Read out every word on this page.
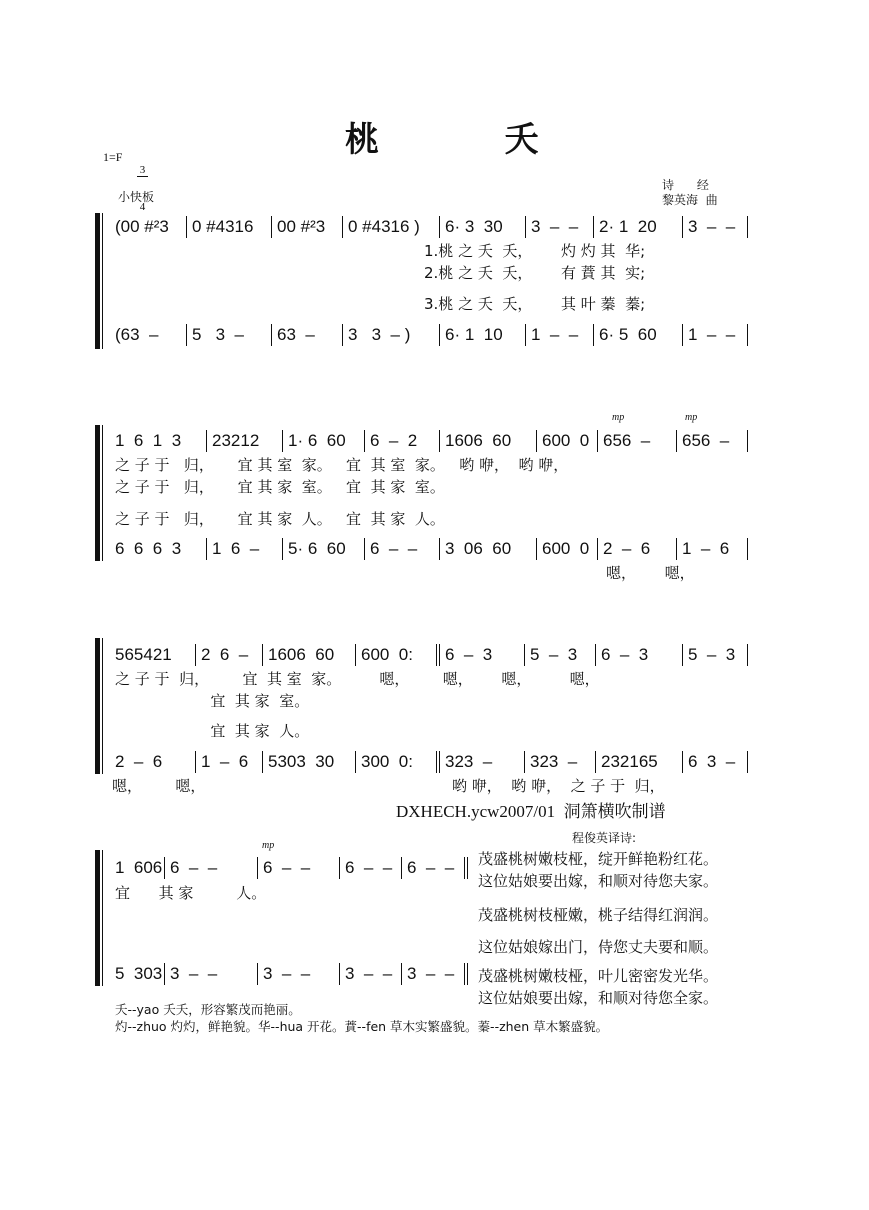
桃  夭
1=F

3

4

小快板
诗      经
黎英海  曲
(00 #²3	0 #4316	00 #²3	0 #4316 )	6· 3  30	3  –  –	2· 1  20	3  –  –
1.桃 之 夭  夭，      灼 灼 其  华;
2.桃 之 夭  夭，      有 蕡 其  实;
3.桃 之 夭  夭，      其 叶 蓁  蓁;
(63  –	5   3  –	63  –	3   3  – )	6· 1  10	1  –  –	6· 5  60	1  –  –
mp	mp
1  6  1  3	23212	1· 6  60	6  –  2	1606  60	600  0 656  –	656  –
之 子 于   归，     宜 其 室  家。   宜  其 室  家。   哟 咿，  哟 咿，
之 子 于   归，     宜 其 家  室。   宜  其 家  室。
之 子 于   归，     宜 其 家  人。   宜  其 家  人。
6  6  6  3	1  6  –	5· 6  60	6  –  –	3  06  60	600  0 2  –  6	1  –  6
嗯，      嗯，
565421	2  6  –	1606  60	600  0:	6  –  3	5  –  3	6  –  3	5  –  3
之 子 于  归，       宜  其 室  家。        嗯，       嗯，      嗯，        嗯，
宜  其 家  室。
宜  其 家  人。
2  –  6	1  –  6	5303  30	300  0:	323  –	323  –	232165	6  3  –
嗯，       嗯，	哟 咿，  哟 咿，  之 子 于  归，
DXHECH.ycw2007/01  洞箫横吹制谱
mp
1  606 6  –  –	6  –  –	6  –  – 6  –  –
宜      其 家         人。
5  303 3  –  –	3  –  –	3  –  – 3  –  –
程俊英译诗:
茂盛桃树嫩枝桠，绽开鲜艳粉红花。
这位姑娘要出嫁，和顺对待您夫家。
茂盛桃树枝桠嫩，桃子结得红润润。
这位姑娘嫁出门，侍您丈夫要和顺。
茂盛桃树嫩枝桠，叶儿密密发光华。
这位姑娘要出嫁，和顺对待您全家。
夭--yao 夭夭，形容繁茂而艳丽。
灼--zhuo 灼灼，鲜艳貌。华--hua 开花。蕡--fen 草木实繁盛貌。蓁--zhen 草木繁盛貌。
